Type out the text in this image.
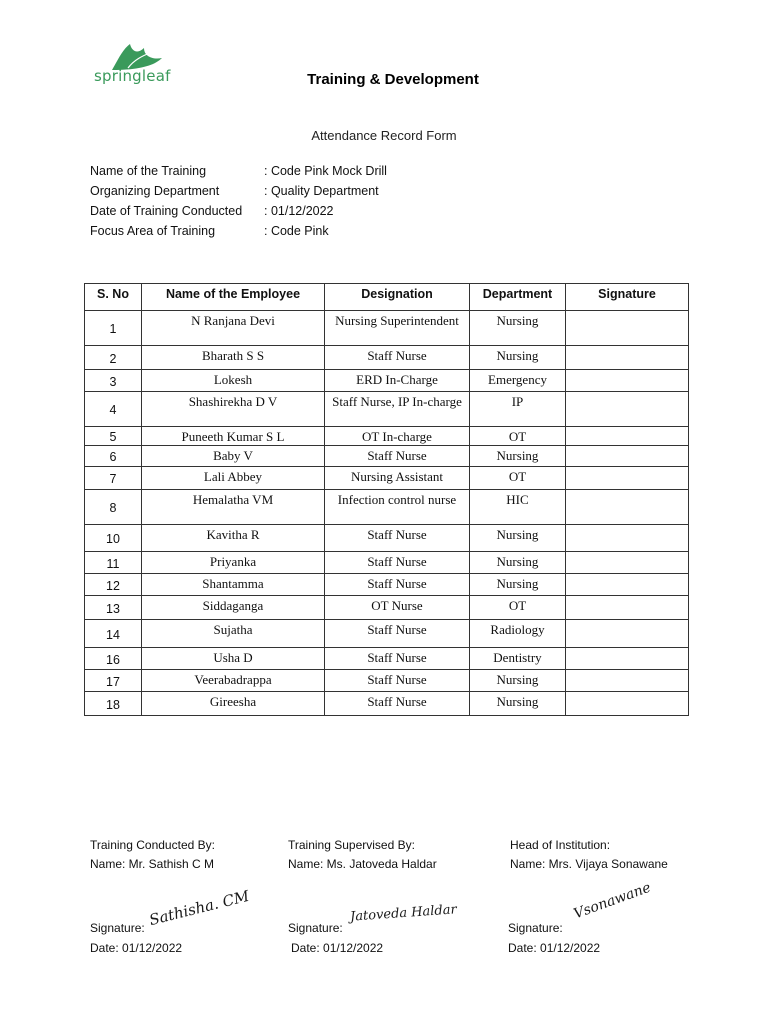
springleaf	Training & Development
Attendance Record Form
Name of the Training	: Code Pink Mock Drill
Organizing Department	: Quality Department
Date of Training Conducted	: 01/12/2022
Focus Area of Training	: Code Pink
S. No	Name of the Employee	Designation	Department	Signature
1	N Ranjana Devi	Nursing Superintendent	Nursing	
2	Bharath S S	Staff Nurse	Nursing	
3	Lokesh	ERD In-Charge	Emergency	
4	Shashirekha D V	Staff Nurse, IP In-charge	IP	
5	Puneeth Kumar S L	OT In-charge	OT	
6	Baby V	Staff Nurse	Nursing	
7	Lali Abbey	Nursing Assistant	OT	
8	Hemalatha VM	Infection control nurse	HIC	
10	Kavitha R	Staff Nurse	Nursing	
11	Priyanka	Staff Nurse	Nursing	
12	Shantamma	Staff Nurse	Nursing	
13	Siddaganga	OT Nurse	OT	
14	Sujatha	Staff Nurse	Radiology	
16	Usha D	Staff Nurse	Dentistry	
17	Veerabadrappa	Staff Nurse	Nursing	
18	Gireesha	Staff Nurse	Nursing	
Training Conducted By:
Name: Mr. Sathish C M
Signature: Sathisha. CM
Date: 01/12/2022
Training Supervised By:
Name: Ms. Jatoveda Haldar
Signature:
Jatoveda Haldar
Date: 01/12/2022
Head of Institution:
Name: Mrs. Vijaya Sonawane
Signature:
Vsonawane
Date: 01/12/2022
